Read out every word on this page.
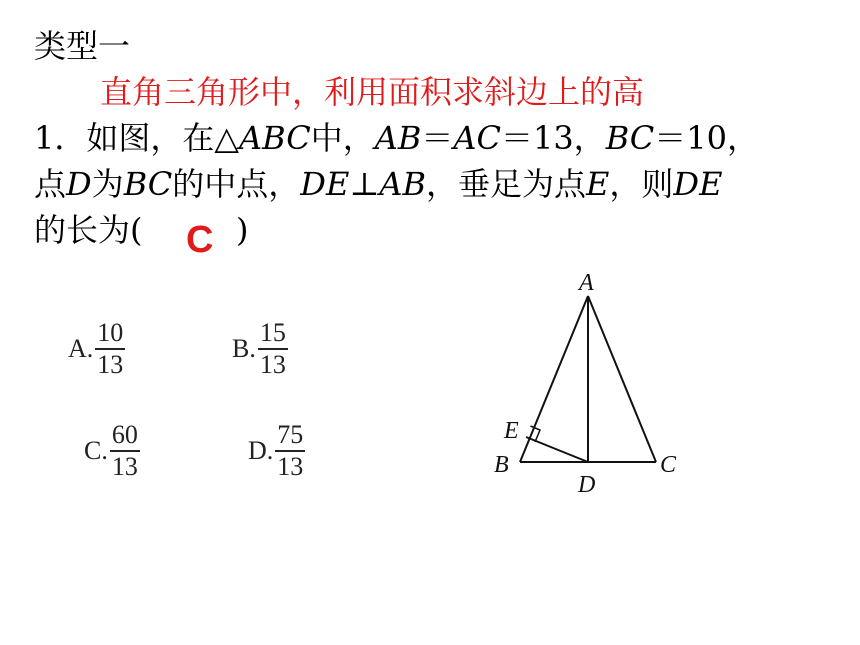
类型一
直角三角形中，利用面积求斜边上的高
1．如图，在△ABC中，AB＝AC＝13，BC＝10，
点D为BC的中点，DE⊥AB，垂足为点E，则DE
的长为( C )
A. $\frac{10}{13}$	B. $\frac{15}{13}$
C. $\frac{60}{13}$	D. $\frac{75}{13}$
A
E
B	C
D
